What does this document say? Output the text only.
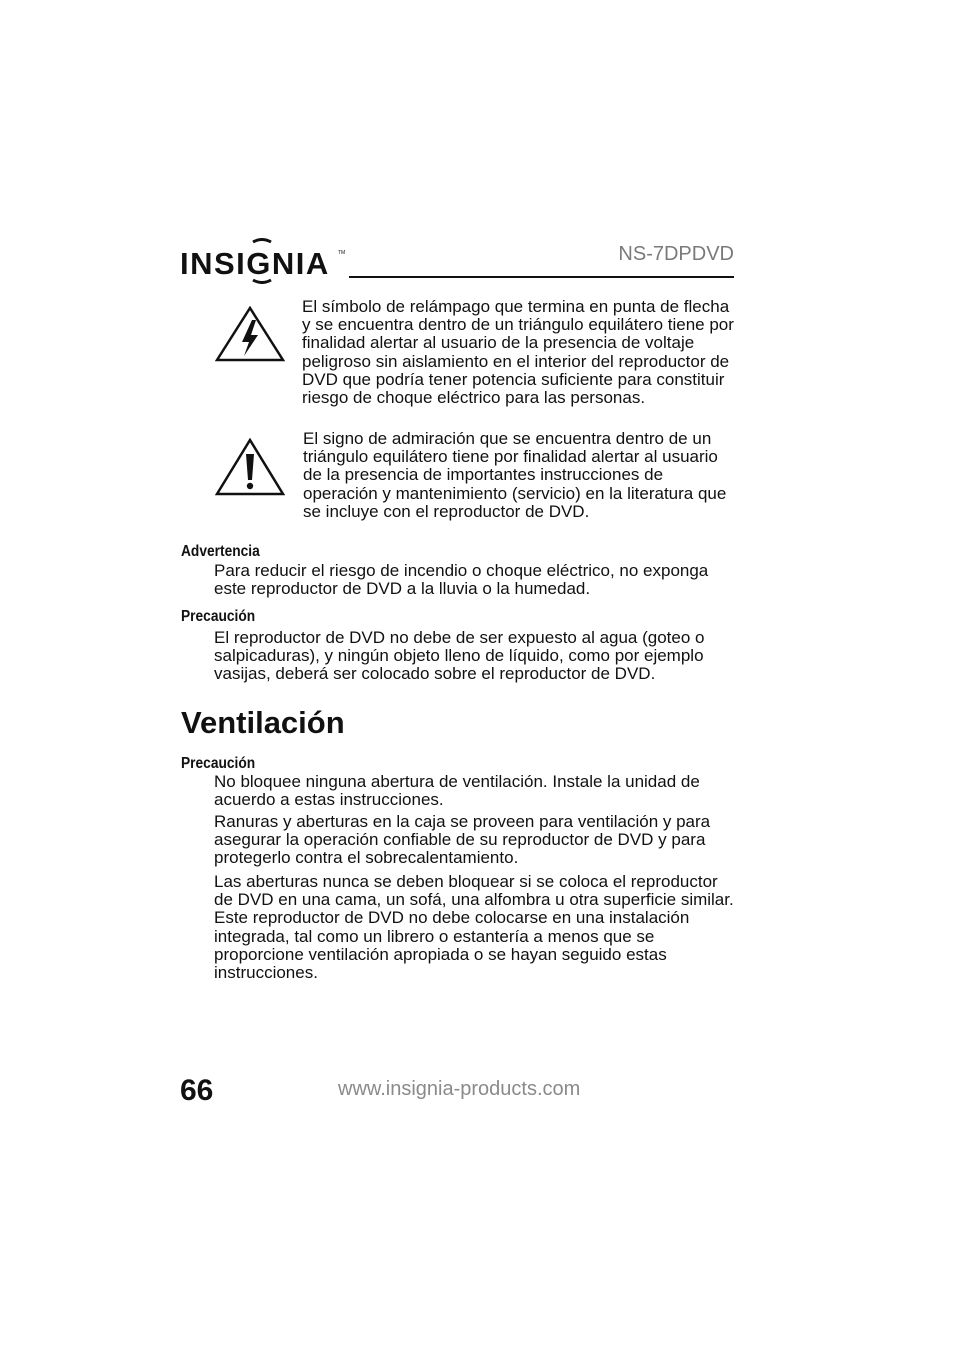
INSIGNIA TM	NS-7DPDVD
El símbolo de relámpago que termina en punta de flecha y se encuentra dentro de un triángulo equilátero tiene por finalidad alertar al usuario de la presencia de voltaje peligroso sin aislamiento en el interior del reproductor de DVD que podría tener potencia suficiente para constituir riesgo de choque eléctrico para las personas.
El signo de admiración que se encuentra dentro de un triángulo equilátero tiene por finalidad alertar al usuario de la presencia de importantes instrucciones de operación y mantenimiento (servicio) en la literatura que se incluye con el reproductor de DVD.
Advertencia
Para reducir el riesgo de incendio o choque eléctrico, no exponga este reproductor de DVD a la lluvia o la humedad.
Precaución
El reproductor de DVD no debe de ser expuesto al agua (goteo o salpicaduras), y ningún objeto lleno de líquido, como por ejemplo vasijas, deberá ser colocado sobre el reproductor de DVD.
Ventilación
Precaución
No bloquee ninguna abertura de ventilación. Instale la unidad de acuerdo a estas instrucciones.
Ranuras y aberturas en la caja se proveen para ventilación y para asegurar la operación confiable de su reproductor de DVD y para protegerlo contra el sobrecalentamiento.
Las aberturas nunca se deben bloquear si se coloca el reproductor de DVD en una cama, un sofá, una alfombra u otra superficie similar. Este reproductor de DVD no debe colocarse en una instalación integrada, tal como un librero o estantería a menos que se proporcione ventilación apropiada o se hayan seguido estas instrucciones.
66	www.insignia-products.com
